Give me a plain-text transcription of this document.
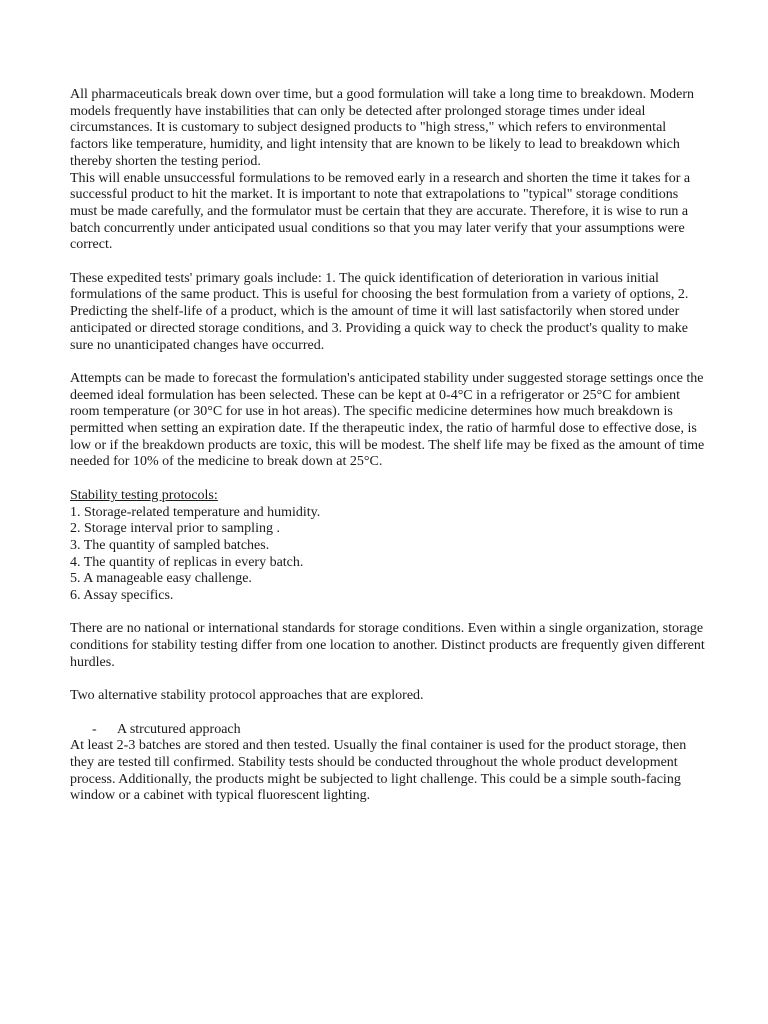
All pharmaceuticals break down over time, but a good formulation will take a long time to breakdown. Modern models frequently have instabilities that can only be detected after prolonged storage times under ideal circumstances. It is customary to subject designed products to "high stress," which refers to environmental factors like temperature, humidity, and light intensity that are known to be likely to lead to breakdown which thereby shorten the testing period.

This will enable unsuccessful formulations to be removed early in a research and shorten the time it takes for a successful product to hit the market. It is important to note that extrapolations to "typical" storage conditions must be made carefully, and the formulator must be certain that they are accurate. Therefore, it is wise to run a batch concurrently under anticipated usual conditions so that you may later verify that your assumptions were correct.

These expedited tests' primary goals include: 1. The quick identification of deterioration in various initial formulations of the same product. This is useful for choosing the best formulation from a variety of options, 2. Predicting the shelf-life of a product, which is the amount of time it will last satisfactorily when stored under anticipated or directed storage conditions, and 3. Providing a quick way to check the product's quality to make sure no unanticipated changes have occurred.

Attempts can be made to forecast the formulation's anticipated stability under suggested storage settings once the deemed ideal formulation has been selected. These can be kept at 0-4°C in a refrigerator or 25°C for ambient room temperature (or 30°C for use in hot areas). The specific medicine determines how much breakdown is permitted when setting an expiration date. If the therapeutic index, the ratio of harmful dose to effective dose, is low or if the breakdown products are toxic, this will be modest. The shelf life may be fixed as the amount of time needed for 10% of the medicine to break down at 25°C.

Stability testing protocols:

1. Storage-related temperature and humidity.
2. Storage interval prior to sampling .
3. The quantity of sampled batches.
4. The quantity of replicas in every batch.
5. A manageable easy challenge.
6. Assay specifics.

There are no national or international standards for storage conditions. Even within a single organization, storage conditions for stability testing differ from one location to another. Distinct products are frequently given different hurdles.

Two alternative stability protocol approaches that are explored.

- A strcutured approach

At least 2-3 batches are stored and then tested. Usually the final container is used for the product storage, then they are tested till confirmed. Stability tests should be conducted throughout the whole product development process. Additionally, the products might be subjected to light challenge. This could be a simple south-facing window or a cabinet with typical fluorescent lighting.
